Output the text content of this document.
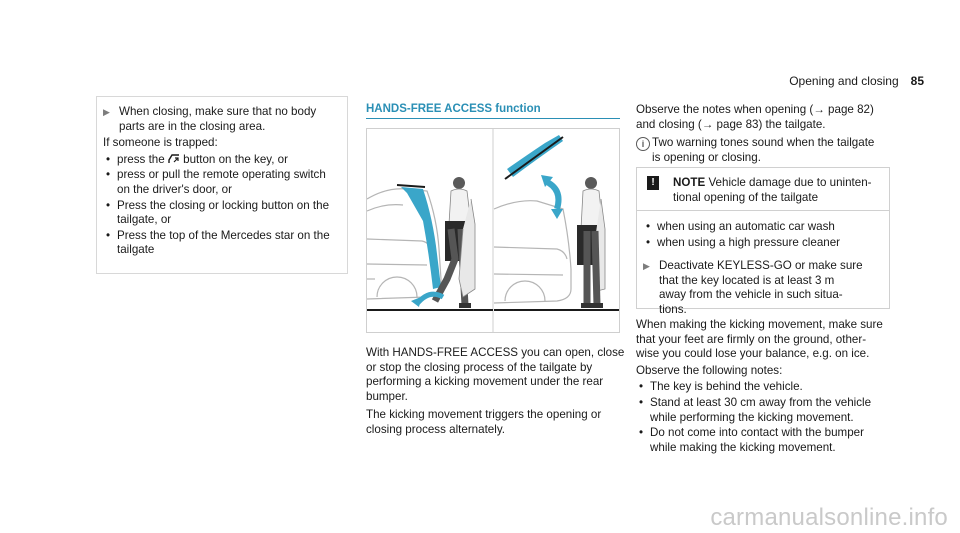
Opening and closing 85
▶ When closing, make sure that no body
parts are in the closing area.
If someone is trapped:
• press the  button on the key, or
• press or pull the remote operating switch
on the driver's door, or
• Press the closing or locking button on the
tailgate, or
• Press the top of the Mercedes star on the
tailgate
HANDS-FREE ACCESS function

With HANDS-FREE ACCESS you can open, close
or stop the closing process of the tailgate by
performing a kicking movement under the rear
bumper.

The kicking movement triggers the opening or
closing process alternately.

Observe the notes when opening (→ page 82)
and closing (→ page 83) the tailgate.
i Two warning tones sound when the tailgate
is opening or closing.
!	NOTE Vehicle damage due to uninten-
tional opening of the tailgate
• when using an automatic car wash
• when using a high pressure cleaner
▶ Deactivate KEYLESS-GO or make sure
that the key located is at least 3 m
away from the vehicle in such situa-
tions.

When making the kicking movement, make sure
that your feet are firmly on the ground, other-
wise you could lose your balance, e.g. on ice.

Observe the following notes:
• The key is behind the vehicle.
• Stand at least 30 cm away from the vehicle
while performing the kicking movement.
• Do not come into contact with the bumper
while making the kicking movement.
carmanualsonline.info
